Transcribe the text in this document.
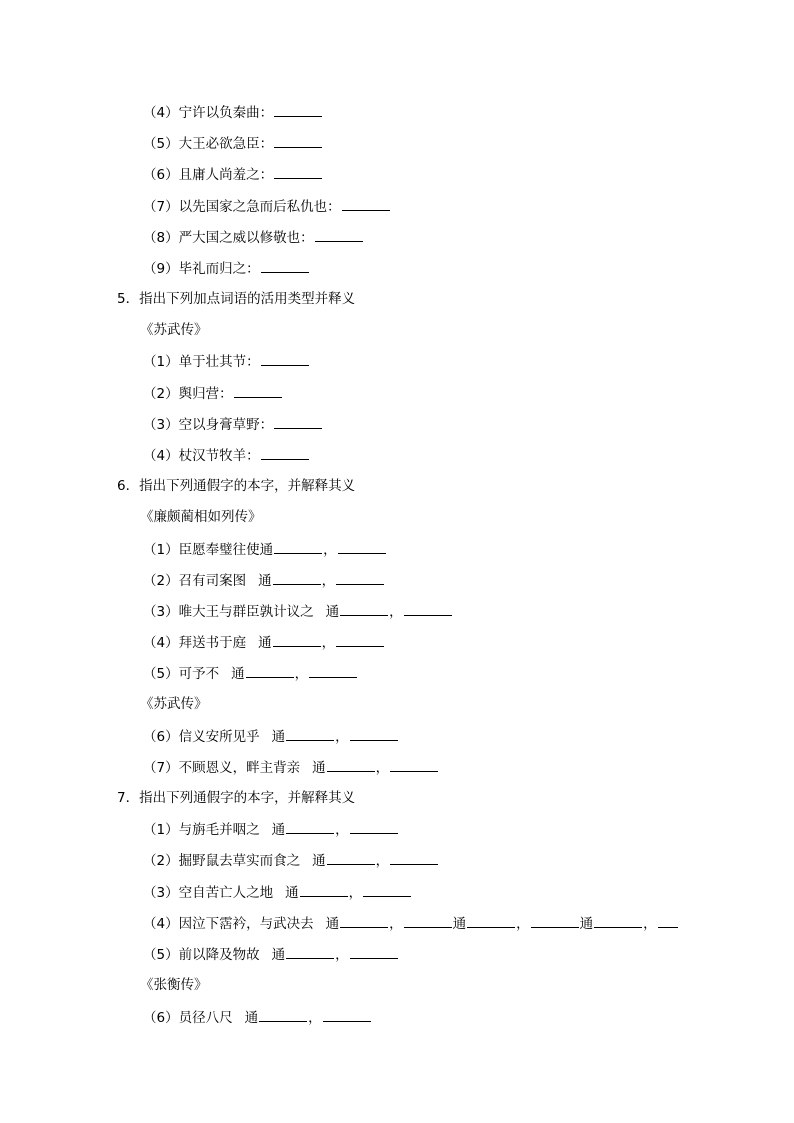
（4）宁许以负秦曲：
（5）大王必欲急臣：
（6）且庸人尚羞之：
（7）以先国家之急而后私仇也：
（8）严大国之威以修敬也：
（9）毕礼而归之：
5．指出下列加点词语的活用类型并释义
《苏武传》
（1）单于壮其节：
（2）舆归营：
（3）空以身膏草野：
（4）杖汉节牧羊：
6．指出下列通假字的本字，并解释其义
《廉颇蔺相如列传》
（1）臣愿奉璧往使通	，
（2）召有司案图 通	，
（3）唯大王与群臣孰计议之 通	，
（4）拜送书于庭 通	，
（5）可予不 通	，
《苏武传》
（6）信义安所见乎 通	，
（7）不顾恩义，畔主背亲 通	，
7．指出下列通假字的本字，并解释其义
（1）与旃毛并咽之 通	，
（2）掘野鼠去草实而食之 通	，
（3）空自苦亡人之地 通	，
（4）因泣下霑衿，与武决去 通	，	通	，	通	，
（5）前以降及物故 通	，
《张衡传》
（6）员径八尺 通	，
